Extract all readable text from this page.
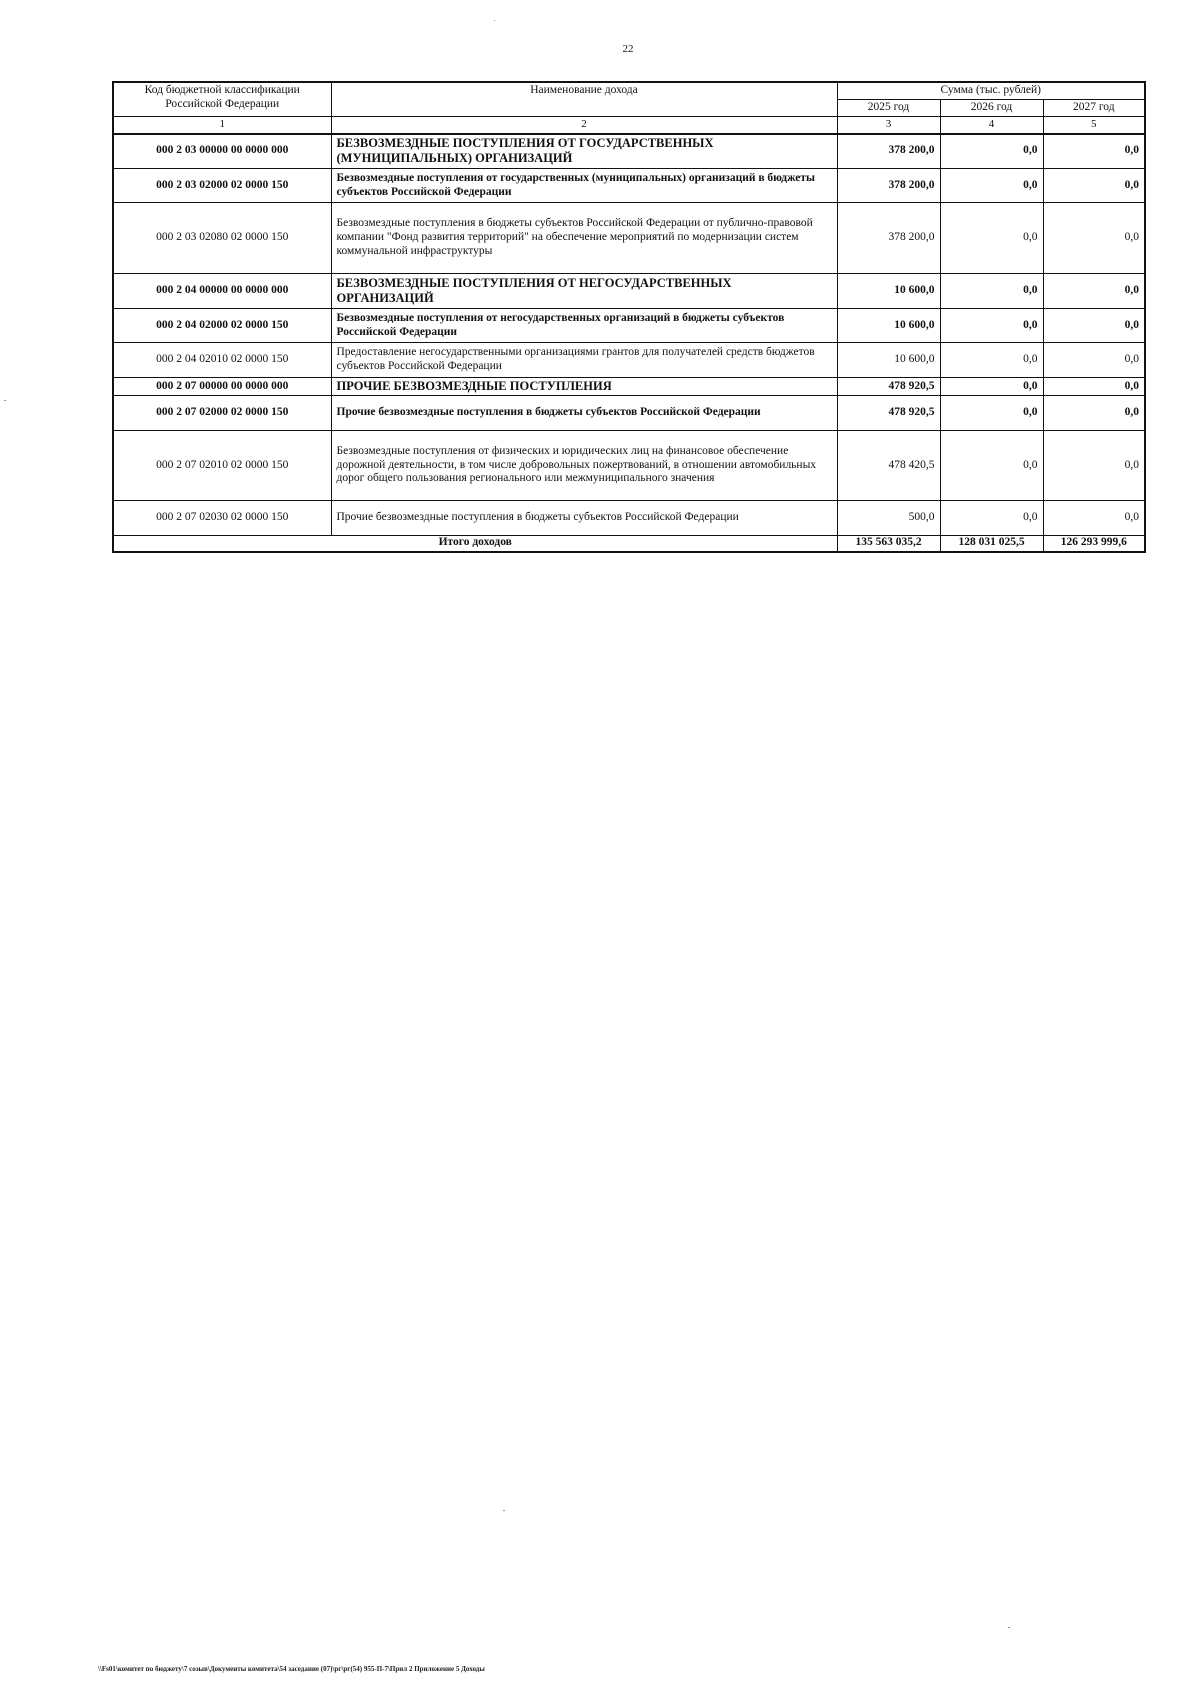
22
Код бюджетной классификации Российской Федерации	Наименование дохода	Сумма (тыс. рублей)		
		2025 год	2026 год	2027 год
1	2	3	4	5
000 2 03 00000 00 0000 000	БЕЗВОЗМЕЗДНЫЕ ПОСТУПЛЕНИЯ ОТ ГОСУДАРСТВЕННЫХ (МУНИЦИПАЛЬНЫХ) ОРГАНИЗАЦИЙ	378 200,0	0,0	0,0
000 2 03 02000 02 0000 150	Безвозмездные поступления от государственных (муниципальных) организаций в бюджеты субъектов Российской Федерации	378 200,0	0,0	0,0
000 2 03 02080 02 0000 150	Безвозмездные поступления в бюджеты субъектов Российской Федерации от публично-правовой компании "Фонд развития территорий" на обеспечение мероприятий по модернизации систем коммунальной инфраструктуры	378 200,0	0,0	0,0
000 2 04 00000 00 0000 000	БЕЗВОЗМЕЗДНЫЕ ПОСТУПЛЕНИЯ ОТ НЕГОСУДАРСТВЕННЫХ ОРГАНИЗАЦИЙ	10 600,0	0,0	0,0
000 2 04 02000 02 0000 150	Безвозмездные поступления от негосударственных организаций в бюджеты субъектов Российской Федерации	10 600,0	0,0	0,0
000 2 04 02010 02 0000 150	Предоставление негосударственными организациями грантов для получателей средств бюджетов субъектов Российской Федерации	10 600,0	0,0	0,0
000 2 07 00000 00 0000 000	ПРОЧИЕ БЕЗВОЗМЕЗДНЫЕ ПОСТУПЛЕНИЯ	478 920,5	0,0	0,0
000 2 07 02000 02 0000 150	Прочие безвозмездные поступления в бюджеты субъектов Российской Федерации	478 920,5	0,0	0,0
000 2 07 02010 02 0000 150	Безвозмездные поступления от физических и юридических лиц на финансовое обеспечение дорожной деятельности, в том числе добровольных пожертвований, в отношении автомобильных дорог общего пользования регионального или межмуниципального значения	478 420,5	0,0	0,0
000 2 07 02030 02 0000 150	Прочие безвозмездные поступления в бюджеты субъектов Российской Федерации	500,0	0,0	0,0
Итого доходов		135 563 035,2	128 031 025,5	126 293 999,6
\\Fs01\комитет по бюджету\7 созыв\Документы комитета\54 заседание (07)\рг\рг(54) 955-П-7\Прил 2 Приложение 5 Доходы
